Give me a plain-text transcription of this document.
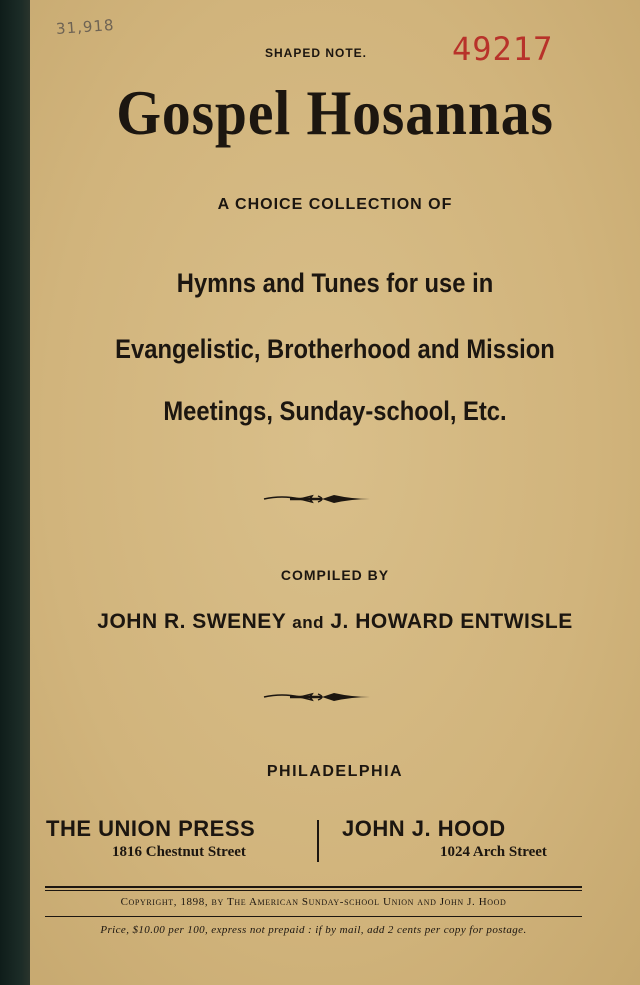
31,918
49217
SHAPED NOTE.
Gospel Hosannas
A CHOICE COLLECTION OF
Hymns and Tunes for use in
Evangelistic, Brotherhood and Mission
Meetings, Sunday-school, Etc.
COMPILED BY
JOHN R. SWENEY and J. HOWARD ENTWISLE
PHILADELPHIA
THE UNION PRESS
1816 Chestnut Street
JOHN J. HOOD
1024 Arch Street
Copyright, 1898, by The American Sunday-school Union and John J. Hood
Price, $10.00 per 100, express not prepaid : if by mail, add 2 cents per copy for postage.
